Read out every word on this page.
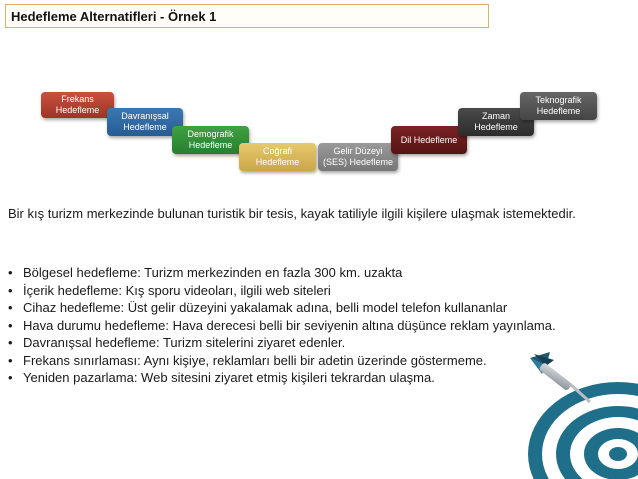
Hedefleme Alternatifleri - Örnek 1
Frekans
Hedefleme
Davranışsal
Hedefleme
Demografik
Hedefleme
Coğrafi
Hedefleme
Gelir Düzeyi
(SES) Hedefleme
Dil Hedefleme
Zaman
Hedefleme
Teknografik
Hedefleme
Bir kış turizm merkezinde bulunan turistik bir tesis, kayak tatiliyle ilgili kişilere ulaşmak istemektedir.
• Bölgesel hedefleme: Turizm merkezinden en fazla 300 km. uzakta
• İçerik hedefleme: Kış sporu videoları, ilgili web siteleri
• Cihaz hedefleme: Üst gelir düzeyini yakalamak adına, belli model telefon kullananlar
• Hava durumu hedefleme: Hava derecesi belli bir seviyenin altına düşünce reklam yayınlama.
• Davranışsal hedefleme: Turizm sitelerini ziyaret edenler.
• Frekans sınırlaması: Aynı kişiye, reklamları belli bir adetin üzerinde göstermeme.
• Yeniden pazarlama: Web sitesini ziyaret etmiş kişileri tekrardan ulaşma.
